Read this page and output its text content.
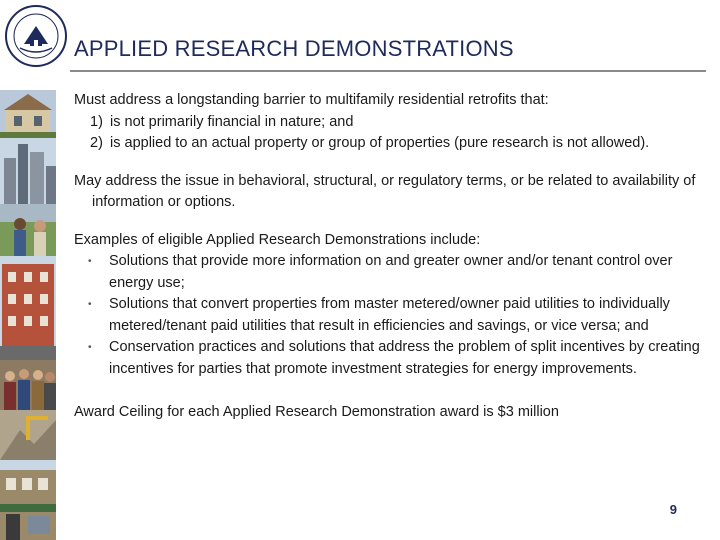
APPLIED RESEARCH DEMONSTRATIONS

Must address a longstanding barrier to multifamily residential retrofits that:

1) is not primarily financial in nature; and
2) is applied to an actual property or group of properties (pure research is not allowed).

May address the issue in behavioral, structural, or regulatory terms, or be related to availability of information or options.

Examples of eligible Applied Research Demonstrations include:

• Solutions that provide more information on and greater owner and/or tenant control over energy use;
• Solutions that convert properties from master metered/owner paid utilities to individually metered/tenant paid utilities that result in efficiencies and savings, or vice versa; and
• Conservation practices and solutions that address the problem of split incentives by creating incentives for parties that promote investment strategies for energy improvements.

Award Ceiling for each Applied Research Demonstration award is $3 million

9
